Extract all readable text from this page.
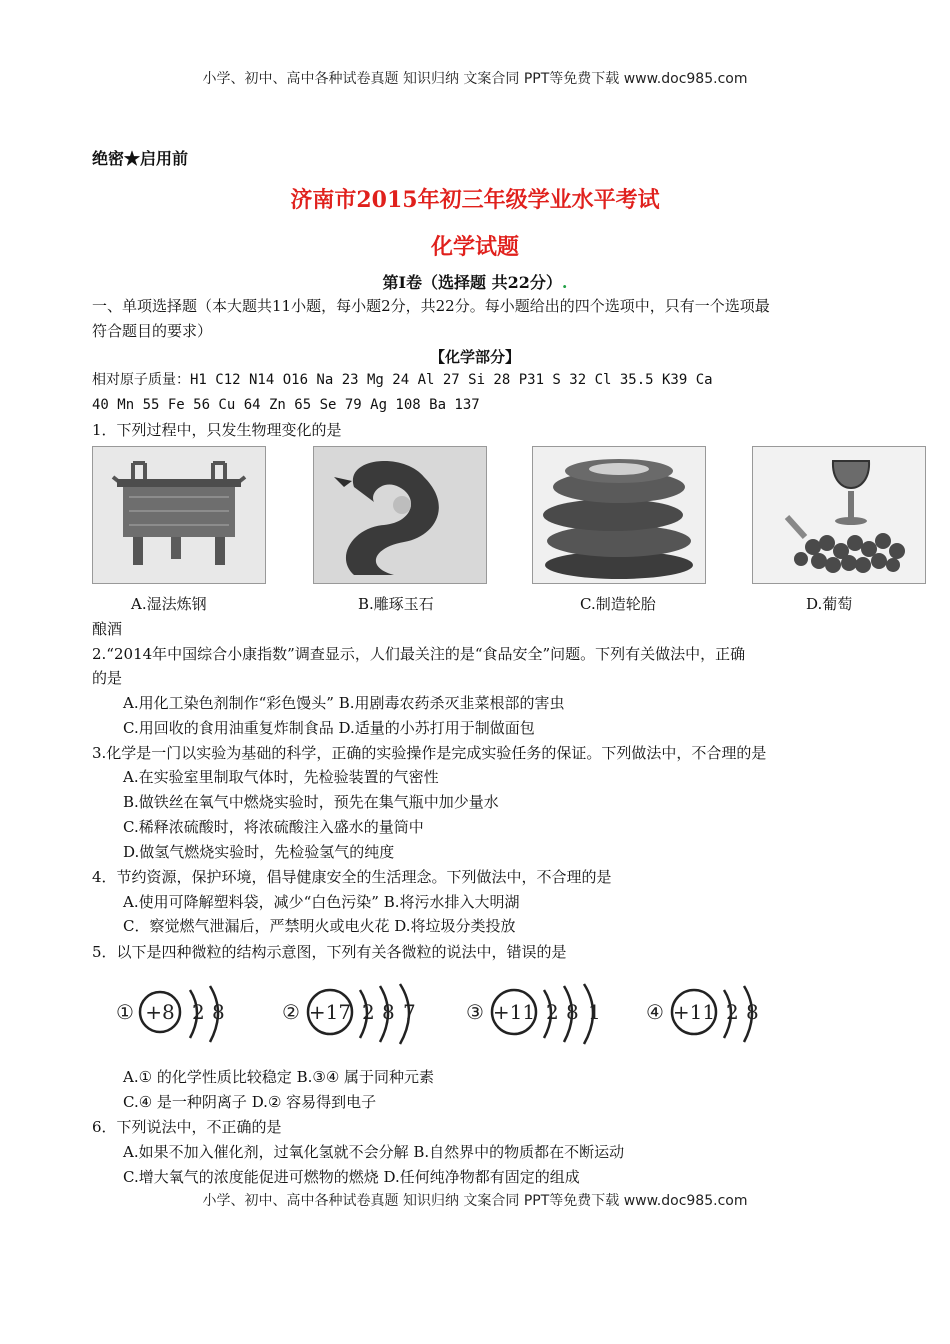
小学、初中、高中各种试卷真题 知识归纳 文案合同 PPT等免费下载 www.doc985.com
绝密★启用前
济南市2015年初三年级学业水平考试
化学试题
第Ⅰ卷（选择题 共22分）.
一、单项选择题（本大题共11小题，每小题2分，共22分。每小题给出的四个选项中，只有一个选项最
符合题目的要求）
【化学部分】
相对原子质量：H1 C12 N14 O16 Na 23 Mg 24 Al 27 Si 28 P31 S 32 Cl 35.5 K39 Ca
40 Mn 55 Fe 56 Cu 64 Zn 65 Se 79 Ag 108 Ba 137
1．下列过程中，只发生物理变化的是
A.湿法炼钢	B.雕琢玉石	C.制造轮胎	D.葡萄
酿酒
2.“2014年中国综合小康指数”调查显示，人们最关注的是“食品安全”问题。下列有关做法中，正确
的是
A.用化工染色剂制作“彩色馒头” B.用剧毒农药杀灭韭菜根部的害虫
C.用回收的食用油重复炸制食品 D.适量的小苏打用于制做面包
3.化学是一门以实验为基础的科学，正确的实验操作是完成实验任务的保证。下列做法中，不合理的是
A.在实验室里制取气体时，先检验装置的气密性
B.做铁丝在氧气中燃烧实验时，预先在集气瓶中加少量水
C.稀释浓硫酸时，将浓硫酸注入盛水的量筒中
D.做氢气燃烧实验时，先检验氢气的纯度
4．节约资源，保护环境，倡导健康安全的生活理念。下列做法中，不合理的是
A.使用可降解塑料袋，减少“白色污染” B.将污水排入大明湖
C．察觉燃气泄漏后，严禁明火或电火花 D.将垃圾分类投放
5．以下是四种微粒的结构示意图，下列有关各微粒的说法中，错误的是
① +8 2 8	② +17 2 8 7	③ +11 2 8 1 ④ +11 2 8
A.① 的化学性质比较稳定 B.③④ 属于同种元素
C.④ 是一种阴离子 D.② 容易得到电子
6．下列说法中，不正确的是
A.如果不加入催化剂，过氧化氢就不会分解 B.自然界中的物质都在不断运动
C.增大氧气的浓度能促进可燃物的燃烧 D.任何纯净物都有固定的组成
小学、初中、高中各种试卷真题 知识归纳 文案合同 PPT等免费下载 www.doc985.com
